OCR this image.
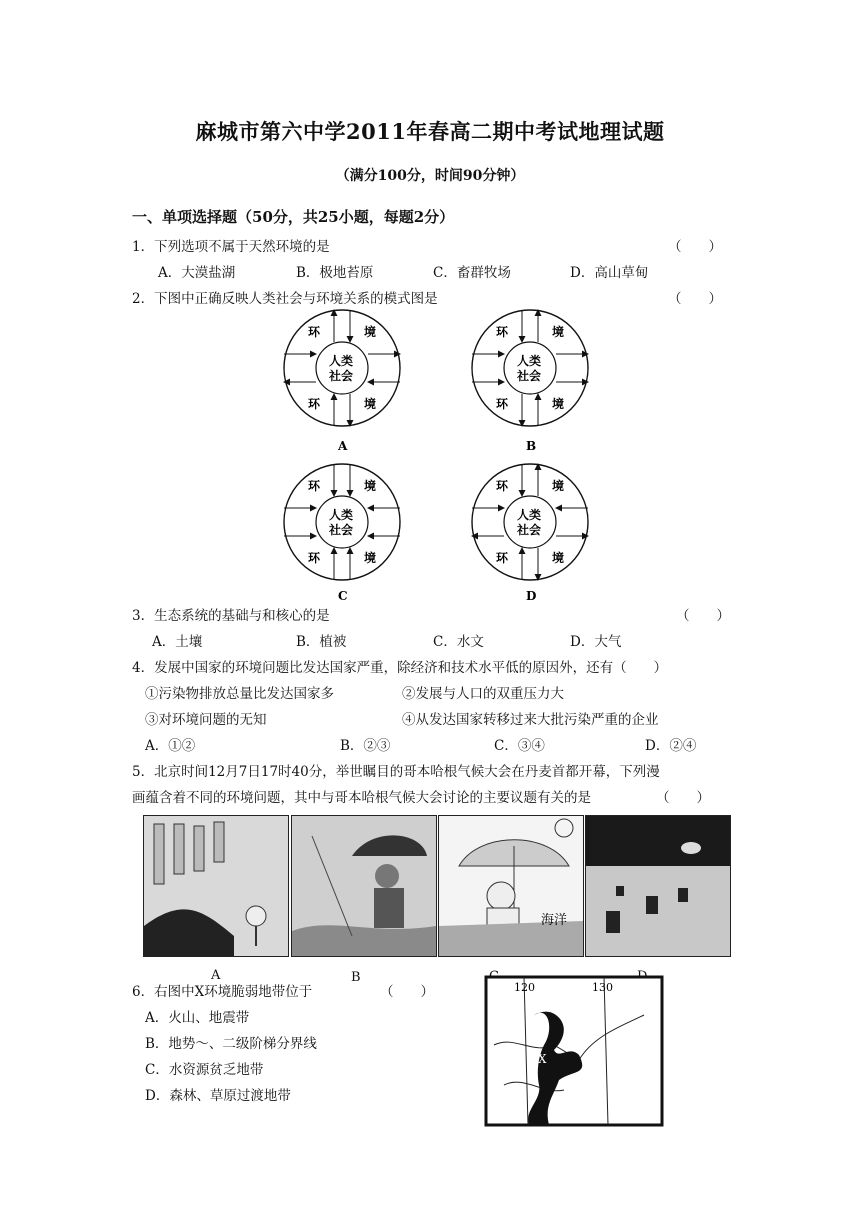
麻城市第六中学2011年春高二期中考试地理试题
（满分100分，时间90分钟）
一、单项选择题（50分，共25小题，每题2分）
1．下列选项不属于天然环境的是	（　　）
A．大漠盐湖	B．极地苔原	C．畜群牧场	D．高山草甸
2．下图中正确反映人类社会与环境关系的模式图是	（　　）
环	境
环	境
人类
社会
A
环	境
环	境
人类
社会
B
环	境
环	境
人类
社会
C
环	境
环	境
人类
社会
D
3．生态系统的基础与和核心的是	（　　）
A．土壤	B．植被	C．水文	D．大气
4．发展中国家的环境问题比发达国家严重，除经济和技术水平低的原因外，还有（　　）
①污染物排放总量比发达国家多	②发展与人口的双重压力大
③对环境问题的无知	④从发达国家转移过来大批污染严重的企业
A．①②	B．②③	C．③④	D．②④
5．北京时间12月7日17时40分，举世瞩目的哥本哈根气候大会在丹麦首都开幕，下列漫
画蕴含着不同的环境问题，其中与哥本哈根气候大会讨论的主要议题有关的是	（　　）
海洋
A	B
6．右图中X环境脆弱地带位于	（　　）
A．火山、地震带
B．地势～、二级阶梯分界线
C．水资源贫乏地带
D．森林、草原过渡地带
120	130
X
